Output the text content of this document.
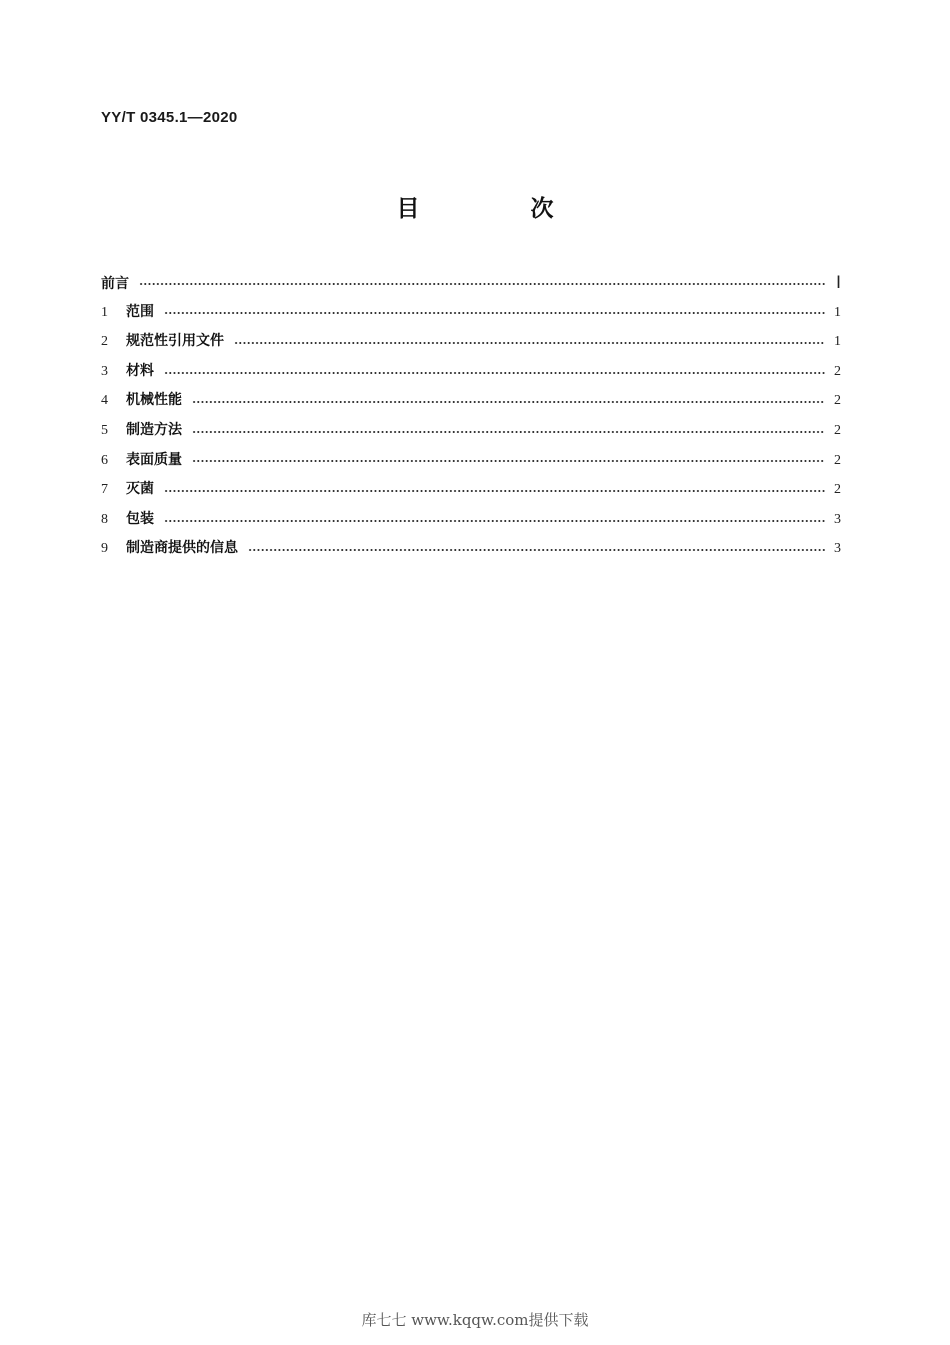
YY/T 0345.1—2020
目　次
前言	Ⅰ
1	范围	1
2	规范性引用文件	1
3	材料	2
4	机械性能	2
5	制造方法	2
6	表面质量	2
7	灭菌	2
8	包装	3
9	制造商提供的信息	3
库七七 www.kqqw.com提供下载
